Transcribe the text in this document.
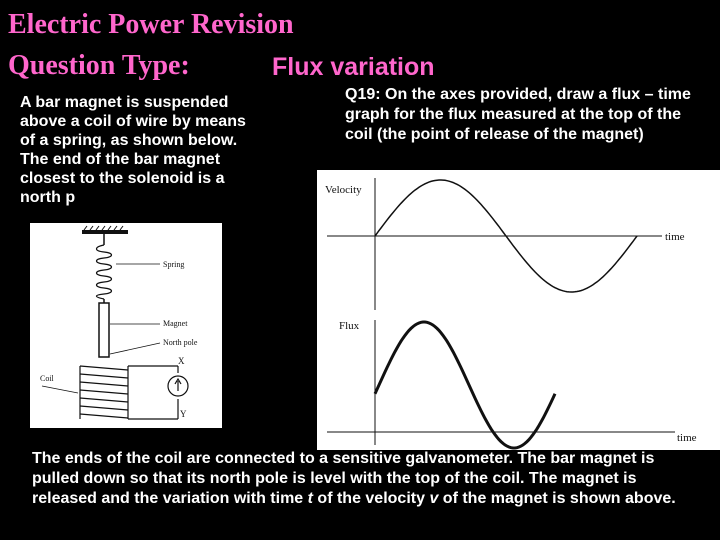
Electric Power Revision
Question Type:	Flux variation

A bar magnet is suspended above a coil of wire by means of a spring, as shown below. The end of the bar magnet closest to the solenoid is a north p

Q19: On the axes provided, draw a flux – time graph for the flux measured at the top of the coil (the point of release of the magnet)

Spring
Magnet
North pole
Coil
X
Y
Velocity
time
Flux
time

The ends of the coil are connected to a sensitive galvanometer. The bar magnet is pulled down so that its north pole is level with the top of the coil. The magnet is released and the variation with time t of the velocity v of the magnet is shown above.
